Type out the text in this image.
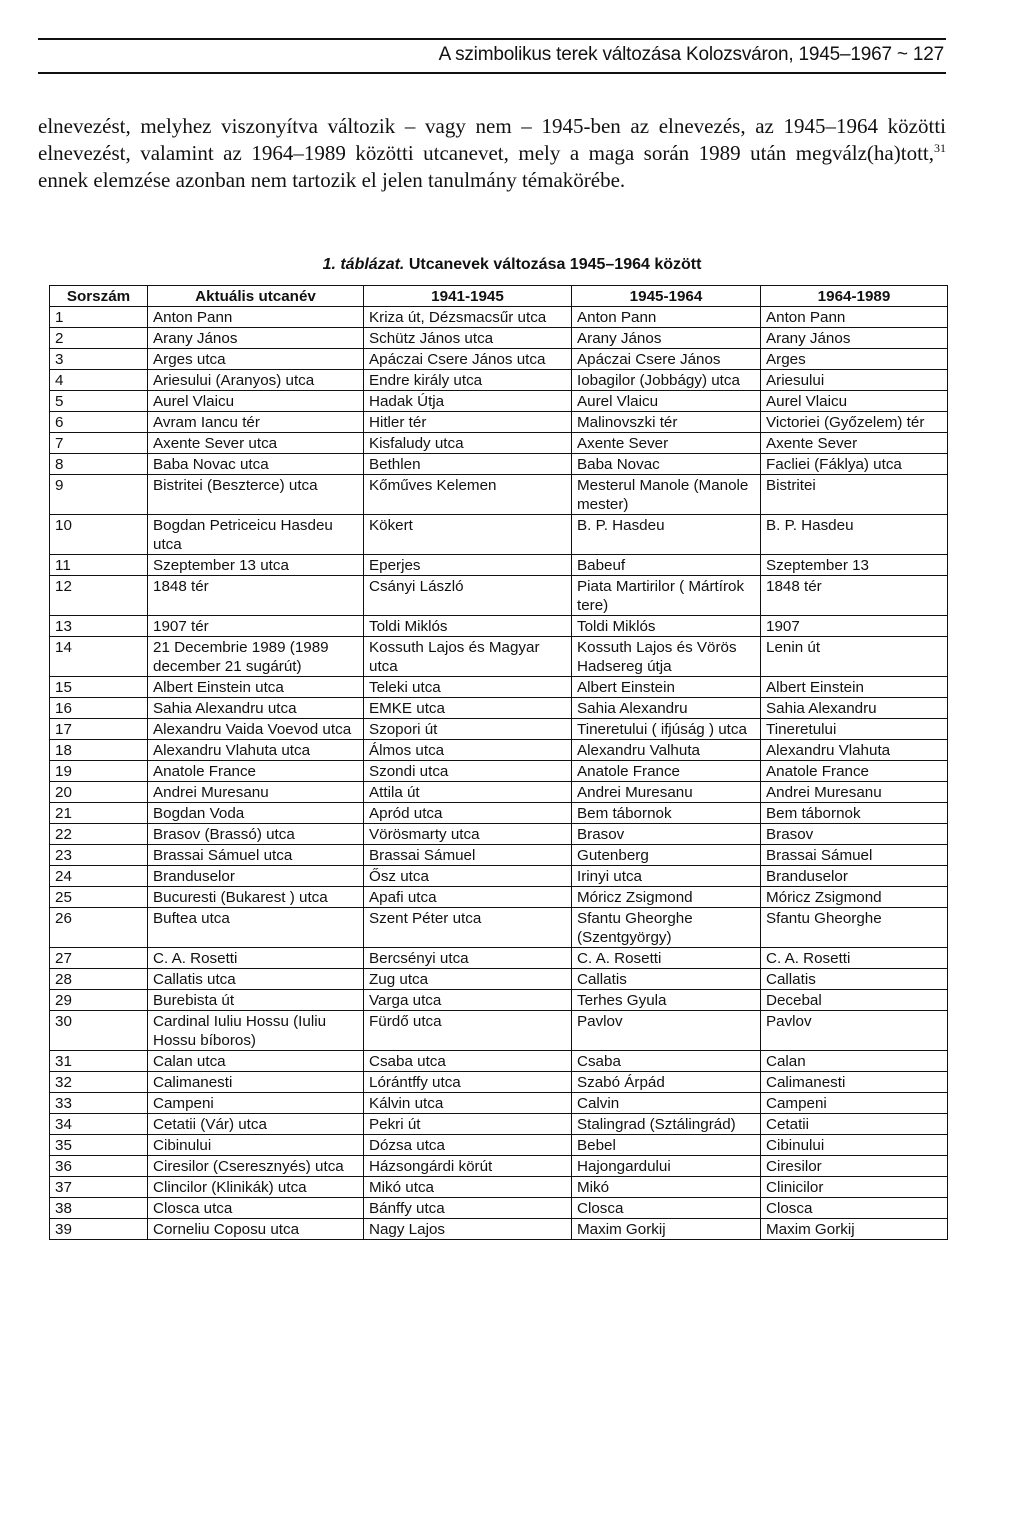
A szimbolikus terek változása Kolozsváron, 1945–1967 ~ 127

elnevezést, melyhez viszonyítva változik – vagy nem – 1945-ben az elnevezés, az 1945–1964 közötti elnevezést, valamint az 1964–1989 közötti utcanevet, mely a maga során 1989 után megválz(ha)tott,$^{31}$ ennek elemzése azonban nem tartozik el jelen tanulmány témakörébe.

1. táblázat. Utcanevek változása 1945–1964 között
Sorszám	Aktuális utcanév	1941-1945	1945-1964	1964-1989
1	Anton Pann	Kriza út, Dézsmacsűr utca	Anton Pann	Anton Pann
2	Arany János	Schütz János utca	Arany János	Arany János
3	Arges utca	Apáczai Csere János utca	Apáczai Csere János	Arges
4	Ariesului (Aranyos) utca	Endre király utca	Iobagilor (Jobbágy) utca	Ariesului
5	Aurel Vlaicu	Hadak Útja	Aurel Vlaicu	Aurel Vlaicu
6	Avram Iancu tér	Hitler tér	Malinovszki tér	Victoriei (Győzelem) tér
7	Axente Sever utca	Kisfaludy utca	Axente Sever	Axente Sever
8	Baba Novac utca	Bethlen	Baba Novac	Facliei (Fáklya) utca
9	Bistritei (Beszterce) utca	Kőműves Kelemen	Mesterul Manole (Manole mester)	Bistritei
10	Bogdan Petriceicu Hasdeu utca	Kökert	B. P. Hasdeu	B. P. Hasdeu
11	Szeptember 13 utca	Eperjes	Babeuf	Szeptember 13
12	1848 tér	Csányi László	Piata Martirilor ( Mártírok tere)	1848 tér
13	1907 tér	Toldi Miklós	Toldi Miklós	1907
14	21 Decembrie 1989 (1989 december 21 sugárút)	Kossuth Lajos és Magyar utca	Kossuth Lajos és Vörös Hadsereg útja	Lenin út
15	Albert Einstein utca	Teleki utca	Albert Einstein	Albert Einstein
16	Sahia Alexandru utca	EMKE utca	Sahia Alexandru	Sahia Alexandru
17	Alexandru Vaida Voevod utca	Szopori út	Tineretului ( ifjúság ) utca	Tineretului
18	Alexandru Vlahuta utca	Álmos utca	Alexandru Valhuta	Alexandru Vlahuta
19	Anatole France	Szondi utca	Anatole France	Anatole France
20	Andrei Muresanu	Attila út	Andrei Muresanu	Andrei Muresanu
21	Bogdan Voda	Apród utca	Bem tábornok	Bem tábornok
22	Brasov (Brassó) utca	Vörösmarty utca	Brasov	Brasov
23	Brassai Sámuel utca	Brassai Sámuel	Gutenberg	Brassai Sámuel
24	Branduselor	Ősz utca	Irinyi utca	Branduselor
25	Bucuresti (Bukarest ) utca	Apafi utca	Móricz Zsigmond	Móricz Zsigmond
26	Buftea utca	Szent Péter utca	Sfantu Gheorghe (Szentgyörgy)	Sfantu Gheorghe
27	C. A. Rosetti	Bercsényi utca	C. A. Rosetti	C. A. Rosetti
28	Callatis utca	Zug utca	Callatis	Callatis
29	Burebista út	Varga utca	Terhes Gyula	Decebal
30	Cardinal Iuliu Hossu (Iuliu Hossu bíboros)	Fürdő utca	Pavlov	Pavlov
31	Calan utca	Csaba utca	Csaba	Calan
32	Calimanesti	Lórántffy utca	Szabó Árpád	Calimanesti
33	Campeni	Kálvin utca	Calvin	Campeni
34	Cetatii (Vár) utca	Pekri út	Stalingrad (Sztálingrád)	Cetatii
35	Cibinului	Dózsa utca	Bebel	Cibinului
36	Ciresilor (Cseresznyés) utca	Házsongárdi körút	Hajongardului	Ciresilor
37	Clincilor (Klinikák) utca	Mikó utca	Mikó	Clinicilor
38	Closca utca	Bánffy utca	Closca	Closca
39	Corneliu Coposu utca	Nagy Lajos	Maxim Gorkij	Maxim Gorkij
